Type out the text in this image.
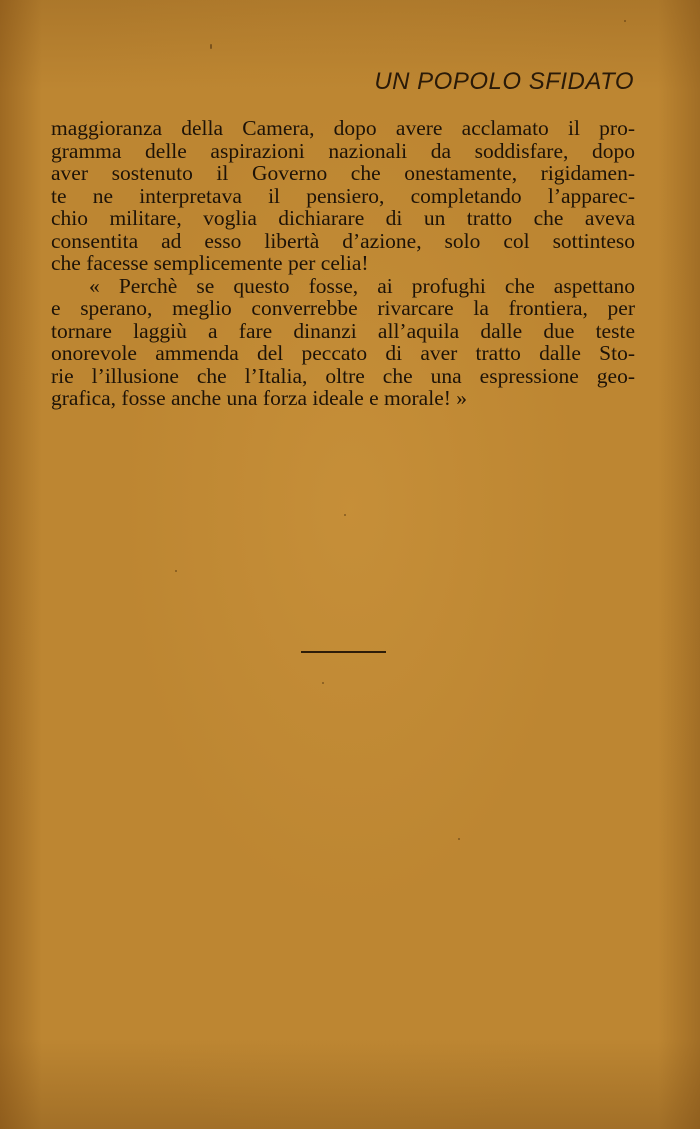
UN POPOLO SFIDATO
maggioranza della Camera, dopo avere acclamato il pro-
gramma delle aspirazioni nazionali da soddisfare, dopo
aver sostenuto il Governo che onestamente, rigidamen-
te ne interpretava il pensiero, completando l’apparec-
chio militare, voglia dichiarare di un tratto che aveva
consentita ad esso libertà d’azione, solo col sottinteso
che facesse semplicemente per celia!
« Perchè se questo fosse, ai profughi che aspettano
e sperano, meglio converrebbe rivarcare la frontiera, per
tornare laggiù a fare dinanzi all’aquila dalle due teste
onorevole ammenda del peccato di aver tratto dalle Sto-
rie l’illusione che l’Italia, oltre che una espressione geo-
grafica, fosse anche una forza ideale e morale! »
